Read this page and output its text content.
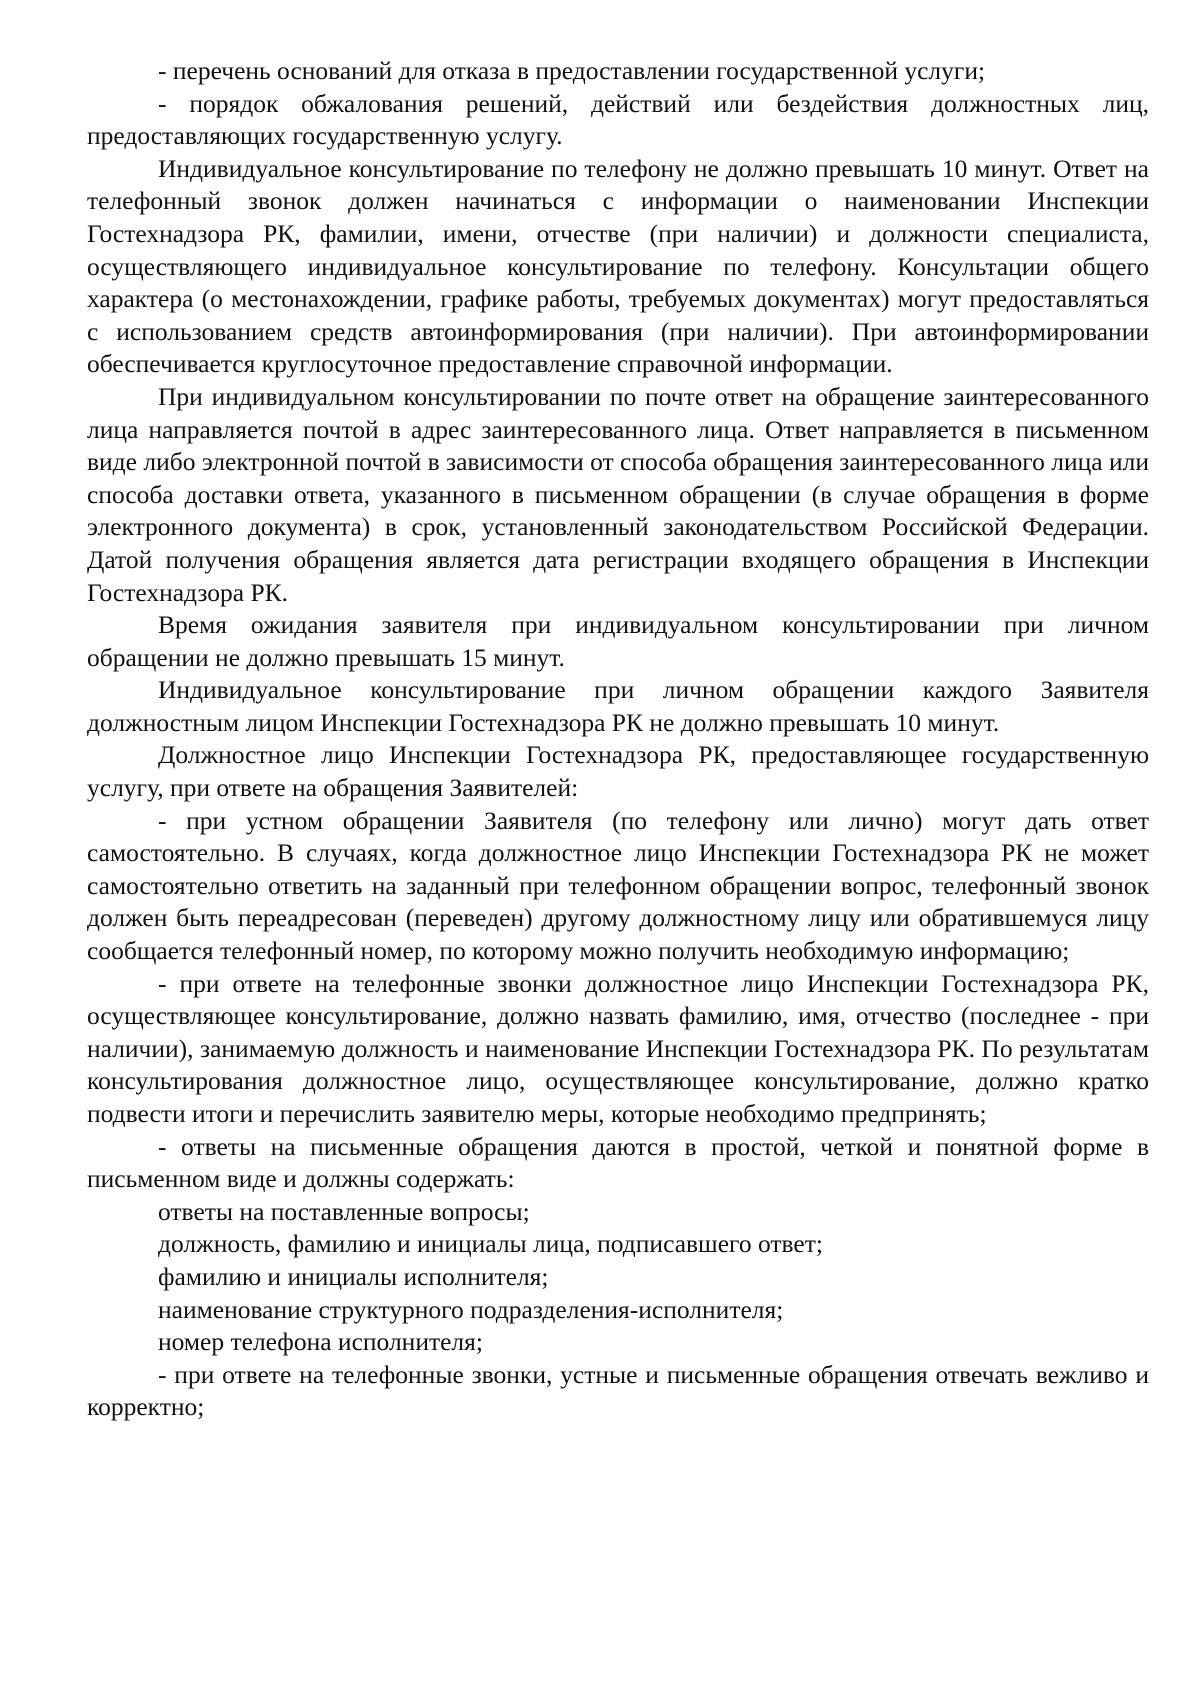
- перечень оснований для отказа в предоставлении государственной услуги;

- порядок обжалования решений, действий или бездействия должностных лиц, предоставляющих государственную услугу.

Индивидуальное консультирование по телефону не должно превышать 10 минут. Ответ на телефонный звонок должен начинаться с информации о наименовании Инспекции Гостехнадзора РК, фамилии, имени, отчестве (при наличии) и должности специалиста, осуществляющего индивидуальное консультирование по телефону. Консультации общего характера (о местонахождении, графике работы, требуемых документах) могут предоставляться с использованием средств автоинформирования (при наличии). При автоинформировании обеспечивается круглосуточное предоставление справочной информации.

При индивидуальном консультировании по почте ответ на обращение заинтересованного лица направляется почтой в адрес заинтересованного лица. Ответ направляется в письменном виде либо электронной почтой в зависимости от способа обращения заинтересованного лица или способа доставки ответа, указанного в письменном обращении (в случае обращения в форме электронного документа) в срок, установленный законодательством Российской Федерации. Датой получения обращения является дата регистрации входящего обращения в Инспекции Гостехнадзора РК.

Время ожидания заявителя при индивидуальном консультировании при личном обращении не должно превышать 15 минут.

Индивидуальное консультирование при личном обращении каждого Заявителя должностным лицом Инспекции Гостехнадзора РК не должно превышать 10 минут.

Должностное лицо Инспекции Гостехнадзора РК, предоставляющее государственную услугу, при ответе на обращения Заявителей:

- при устном обращении Заявителя (по телефону или лично) могут дать ответ самостоятельно. В случаях, когда должностное лицо Инспекции Гостехнадзора РК не может самостоятельно ответить на заданный при телефонном обращении вопрос, телефонный звонок должен быть переадресован (переведен) другому должностному лицу или обратившемуся лицу сообщается телефонный номер, по которому можно получить необходимую информацию;

- при ответе на телефонные звонки должностное лицо Инспекции Гостехнадзора РК, осуществляющее консультирование, должно назвать фамилию, имя, отчество (последнее - при наличии), занимаемую должность и наименование Инспекции Гостехнадзора РК. По результатам консультирования должностное лицо, осуществляющее консультирование, должно кратко подвести итоги и перечислить заявителю меры, которые необходимо предпринять;

- ответы на письменные обращения даются в простой, четкой и понятной форме в письменном виде и должны содержать:

ответы на поставленные вопросы;

должность, фамилию и инициалы лица, подписавшего ответ;

фамилию и инициалы исполнителя;

наименование структурного подразделения-исполнителя;

номер телефона исполнителя;

- при ответе на телефонные звонки, устные и письменные обращения отвечать вежливо и корректно;
